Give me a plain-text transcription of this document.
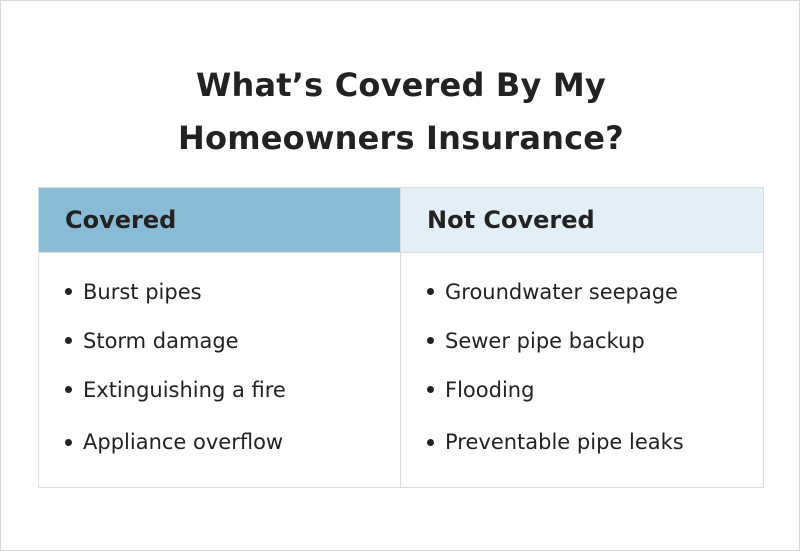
What’s Covered By My
Homeowners Insurance?
Covered
Burst pipes
Storm damage
Extinguishing a fire
Appliance overflow
Not Covered
Groundwater seepage
Sewer pipe backup
Flooding
Preventable pipe leaks
